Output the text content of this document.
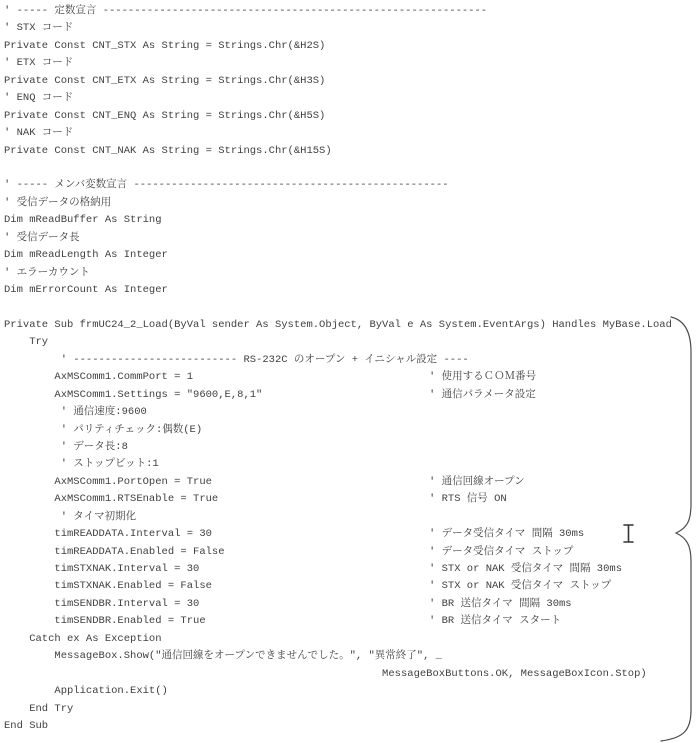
' ----- 定数宣言 -------------------------------------------------------------
' STX コード
Private Const CNT_STX As String = Strings.Chr(&H2S)
' ETX コード
Private Const CNT_ETX As String = Strings.Chr(&H3S)
' ENQ コード
Private Const CNT_ENQ As String = Strings.Chr(&H5S)
' NAK コード
Private Const CNT_NAK As String = Strings.Chr(&H15S)

' ----- メンバ変数宣言 --------------------------------------------------
' 受信データの格納用
Dim mReadBuffer As String
' 受信データ長
Dim mReadLength As Integer
' エラーカウント
Dim mErrorCount As Integer

Private Sub frmUC24_2_Load(ByVal sender As System.Object, ByVal e As System.EventArgs) Handles MyBase.Load
Try
' -------------------------- RS-232C のオープン + イニシャル設定 ----
AxMSComm1.CommPort = 1	' 使用するＣＯＭ番号
AxMSComm1.Settings = "9600,E,8,1"	' 通信パラメータ設定
' 通信速度:9600
' パリティチェック:偶数(E)
' データ長:8
' ストップビット:1
AxMSComm1.PortOpen = True	' 通信回線オープン
AxMSComm1.RTSEnable = True	' RTS 信号 ON
' タイマ初期化
timREADDATA.Interval = 30	' データ受信タイマ 間隔 30ms
timREADDATA.Enabled = False	' データ受信タイマ ストップ
timSTXNAK.Interval = 30	' STX or NAK 受信タイマ 間隔 30ms
timSTXNAK.Enabled = False	' STX or NAK 受信タイマ ストップ
timSENDBR.Interval = 30	' BR 送信タイマ 間隔 30ms
timSENDBR.Enabled = True	' BR 送信タイマ スタート
Catch ex As Exception
MessageBox.Show("通信回線をオープンできませんでした。", "異常終了", _
MessageBoxButtons.OK, MessageBoxIcon.Stop)
Application.Exit()
End Try
End Sub
